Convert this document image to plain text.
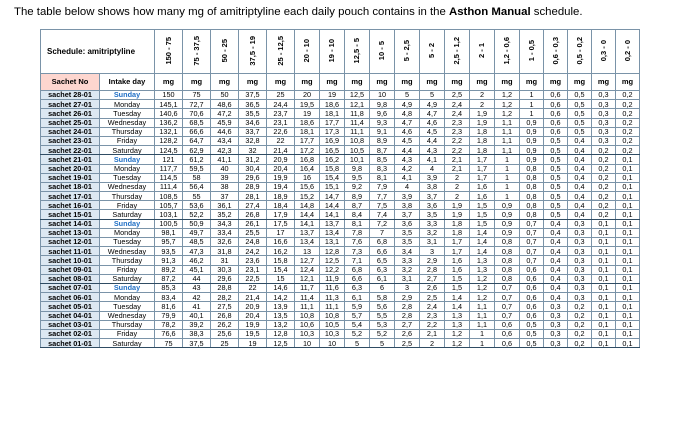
The table below shows how many mg of amitriptyline each daily pouch contains in the Asthon Manual schedule.
Schedule: amitriptyline		150 - 75	75 - 37,5	50 - 25	37,5 - 19	25 - 12,5	20 - 10	19 - 10	12,5 - 5	10 - 5	5 - 2,5	5 - 2	2,5 - 1,2	2 - 1	1,2 - 0,6	1 - 0,5	0,6 - 0,3	0,5 - 0,2	0,3 - 0	0,2 - 0
Sachet No	Intake day	mg	mg	mg	mg	mg	mg	mg	mg	mg	mg	mg	mg	mg	mg	mg	mg	mg	mg	mg
sachet 28-01	Sunday	150	75	50	37,5	25	20	19	12,5	10	5	5	2,5	2	1,2	1	0,6	0,5	0,3	0,2
sachet 27-01	Monday	145,1	72,7	48,6	36,5	24,4	19,5	18,6	12,1	9,8	4,9	4,9	2,4	2	1,2	1	0,6	0,5	0,3	0,2
sachet 26-01	Tuesday	140,6	70,6	47,2	35,5	23,7	19	18,1	11,8	9,6	4,8	4,7	2,4	1,9	1,2	1	0,6	0,5	0,3	0,2
sachet 25-01	Wednesday	136,2	68,5	45,9	34,6	23,1	18,6	17,7	11,4	9,3	4,7	4,6	2,3	1,9	1,1	0,9	0,6	0,5	0,3	0,2
sachet 24-01	Thursday	132,1	66,6	44,6	33,7	22,6	18,1	17,3	11,1	9,1	4,6	4,5	2,3	1,8	1,1	0,9	0,6	0,5	0,3	0,2
sachet 23-01	Friday	128,2	64,7	43,4	32,8	22	17,7	16,9	10,8	8,9	4,5	4,4	2,2	1,8	1,1	0,9	0,5	0,4	0,3	0,2
sachet 22-01	Saturday	124,5	62,9	42,3	32	21,4	17,2	16,5	10,5	8,7	4,4	4,3	2,2	1,8	1,1	0,9	0,5	0,4	0,2	0,2
sachet 21-01	Sunday	121	61,2	41,1	31,2	20,9	16,8	16,2	10,1	8,5	4,3	4,1	2,1	1,7	1	0,9	0,5	0,4	0,2	0,1
sachet 20-01	Monday	117,7	59,5	40	30,4	20,4	16,4	15,8	9,8	8,3	4,2	4	2,1	1,7	1	0,8	0,5	0,4	0,2	0,1
sachet 19-01	Tuesday	114,5	58	39	29,6	19,9	16	15,4	9,5	8,1	4,1	3,9	2	1,7	1	0,8	0,5	0,4	0,2	0,1
sachet 18-01	Wednesday	111,4	56,4	38	28,9	19,4	15,6	15,1	9,2	7,9	4	3,8	2	1,6	1	0,8	0,5	0,4	0,2	0,1
sachet 17-01	Thursday	108,5	55	37	28,1	18,9	15,2	14,7	8,9	7,7	3,9	3,7	2	1,6	1	0,8	0,5	0,4	0,2	0,1
sachet 16-01	Friday	105,7	53,6	36,1	27,4	18,4	14,8	14,4	8,7	7,5	3,8	3,6	1,9	1,5	0,9	0,8	0,5	0,4	0,2	0,1
sachet 15-01	Saturday	103,1	52,2	35,2	26,8	17,9	14,4	14,1	8,4	7,4	3,7	3,5	1,9	1,5	0,9	0,8	0,5	0,4	0,2	0,1
sachet 14-01	Sunday	100,5	50,9	34,3	26,1	17,5	14,1	13,7	8,1	7,2	3,6	3,3	1,8	1,5	0,9	0,7	0,4	0,3	0,1	0,1
sachet 13-01	Monday	98,1	49,7	33,4	25,5	17	13,7	13,4	7,8	7	3,5	3,2	1,8	1,4	0,9	0,7	0,4	0,3	0,1	0,1
sachet 12-01	Tuesday	95,7	48,5	32,6	24,8	16,6	13,4	13,1	7,6	6,8	3,5	3,1	1,7	1,4	0,8	0,7	0,4	0,3	0,1	0,1
sachet 11-01	Wednesday	93,5	47,3	31,8	24,2	16,2	13	12,8	7,3	6,6	3,4	3	1,7	1,4	0,8	0,7	0,4	0,3	0,1	0,1
sachet 10-01	Thursday	91,3	46,2	31	23,6	15,8	12,7	12,5	7,1	6,5	3,3	2,9	1,6	1,3	0,8	0,7	0,4	0,3	0,1	0,1
sachet 09-01	Friday	89,2	45,1	30,3	23,1	15,4	12,4	12,2	6,8	6,3	3,2	2,8	1,6	1,3	0,8	0,6	0,4	0,3	0,1	0,1
sachet 08-01	Saturday	87,2	44	29,6	22,5	15	12,1	11,9	6,6	6,1	3,1	2,7	1,5	1,2	0,8	0,6	0,4	0,3	0,1	0,1
sachet 07-01	Sunday	85,3	43	28,8	22	14,6	11,7	11,6	6,3	6	3	2,6	1,5	1,2	0,7	0,6	0,4	0,3	0,1	0,1
sachet 06-01	Monday	83,4	42	28,2	21,4	14,2	11,4	11,3	6,1	5,8	2,9	2,5	1,4	1,2	0,7	0,6	0,4	0,3	0,1	0,1
sachet 05-01	Tuesday	81,6	41	27,5	20,9	13,9	11,1	11,1	5,9	5,6	2,8	2,4	1,4	1,1	0,7	0,6	0,3	0,2	0,1	0,1
sachet 04-01	Wednesday	79,9	40,1	26,8	20,4	13,5	10,8	10,8	5,7	5,5	2,8	2,3	1,3	1,1	0,7	0,6	0,3	0,2	0,1	0,1
sachet 03-01	Thursday	78,2	39,2	26,2	19,9	13,2	10,6	10,5	5,4	5,3	2,7	2,2	1,3	1,1	0,6	0,5	0,3	0,2	0,1	0,1
sachet 02-01	Friday	76,6	38,3	25,6	19,5	12,8	10,3	10,3	5,2	5,2	2,6	2,1	1,2	1	0,6	0,5	0,3	0,2	0,1	0,1
sachet 01-01	Saturday	75	37,5	25	19	12,5	10	10	5	5	2,5	2	1,2	1	0,6	0,5	0,3	0,2	0,1	0,1
